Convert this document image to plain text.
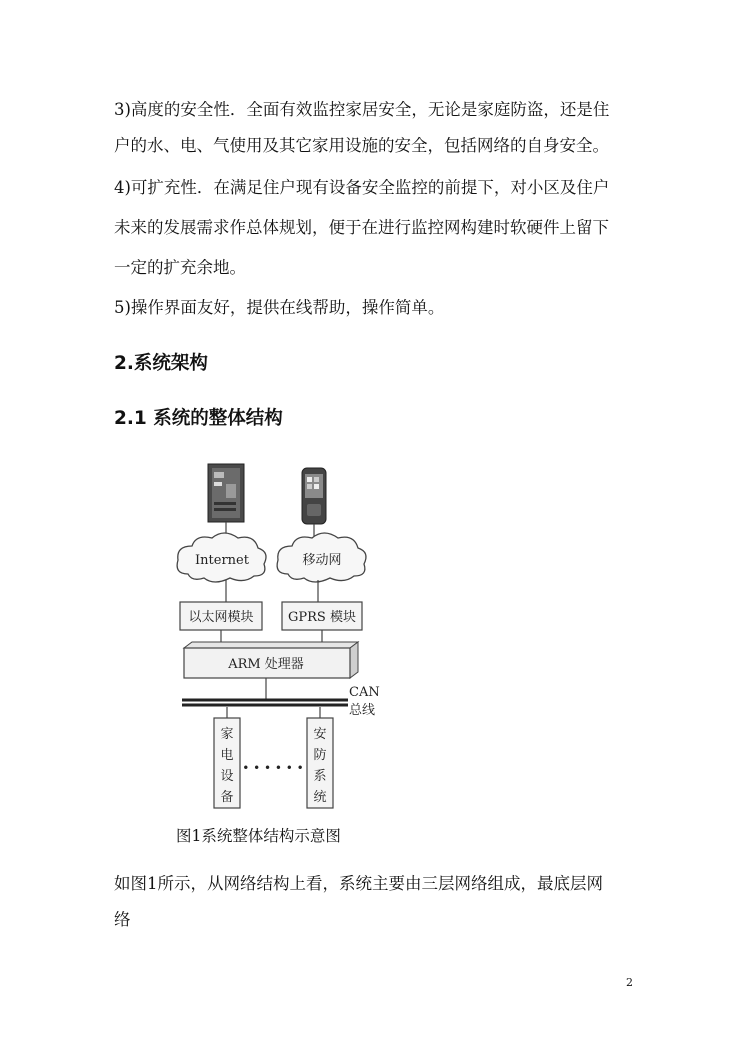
3)高度的安全性．全面有效监控家居安全，无论是家庭防盗，还是住

户的水、电、气使用及其它家用设施的安全，包括网络的自身安全。

4)可扩充性．在满足住户现有设备安全监控的前提下，对小区及住户

未来的发展需求作总体规划，便于在进行监控网构建时软硬件上留下

一定的扩充余地。

5)操作界面友好，提供在线帮助，操作简单。

2.系统架构
2.1 系统的整体结构
Internet	移动网
以太网模块	GPRS 模块
ARM 处理器
CAN
总线
家
电
设
备
• • • • • •
安
防
系
统
图1系统整体结构示意图

如图1所示，从网络结构上看，系统主要由三层网络组成，最底层网

络

2
